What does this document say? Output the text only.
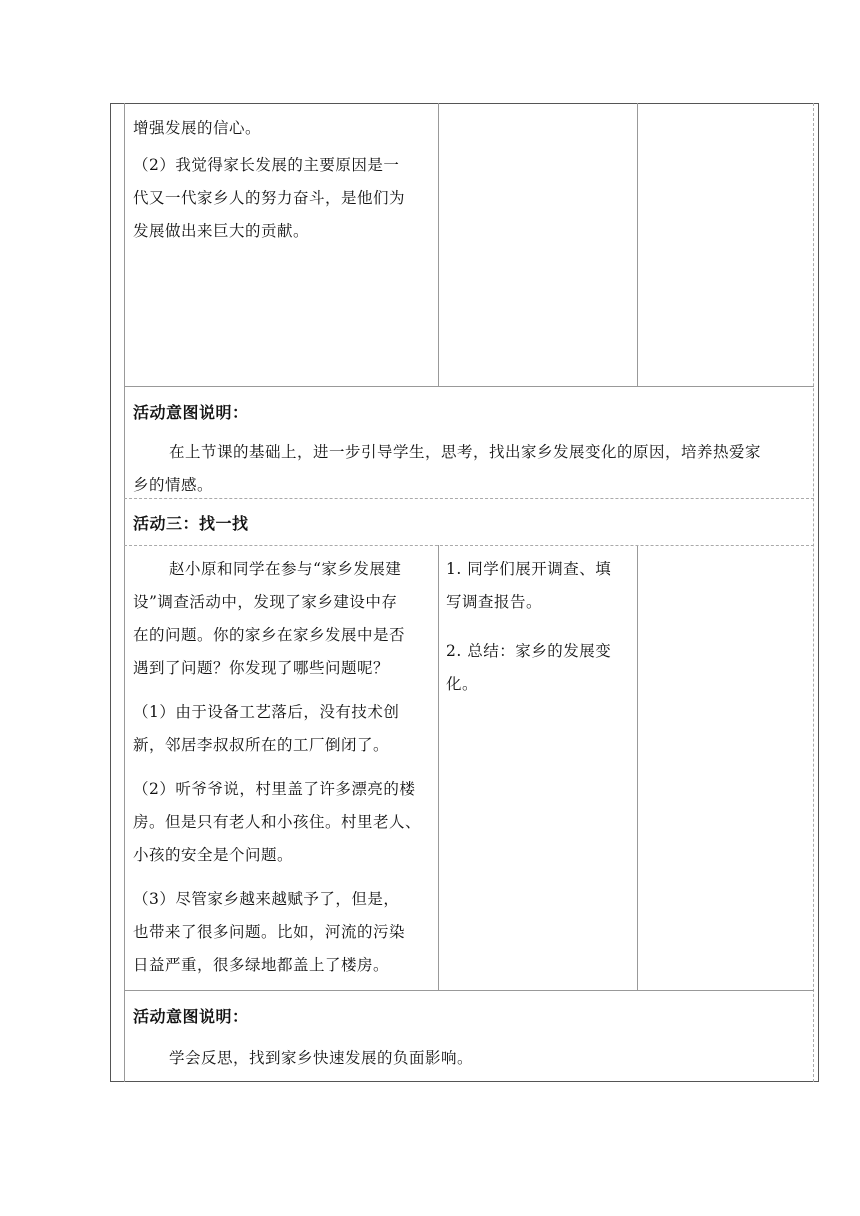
增强发展的信心。
（2）我觉得家长发展的主要原因是一
代又一代家乡人的努力奋斗，是他们为
发展做出来巨大的贡献。
活动意图说明：
在上节课的基础上，进一步引导学生，思考，找出家乡发展变化的原因，培养热爱家
乡的情感。
活动三：找一找
赵小原和同学在参与“家乡发展建
设”调查活动中，发现了家乡建设中存
在的问题。你的家乡在家乡发展中是否
遇到了问题？你发现了哪些问题呢？
（1）由于设备工艺落后，没有技术创
新，邻居李叔叔所在的工厂倒闭了。
（2）听爷爷说，村里盖了许多漂亮的楼
房。但是只有老人和小孩住。村里老人、
小孩的安全是个问题。
（3）尽管家乡越来越赋予了，但是，
也带来了很多问题。比如，河流的污染
日益严重，很多绿地都盖上了楼房。
1. 同学们展开调查、填
写调查报告。
2. 总结：家乡的发展变
化。
活动意图说明：
学会反思，找到家乡快速发展的负面影响。
